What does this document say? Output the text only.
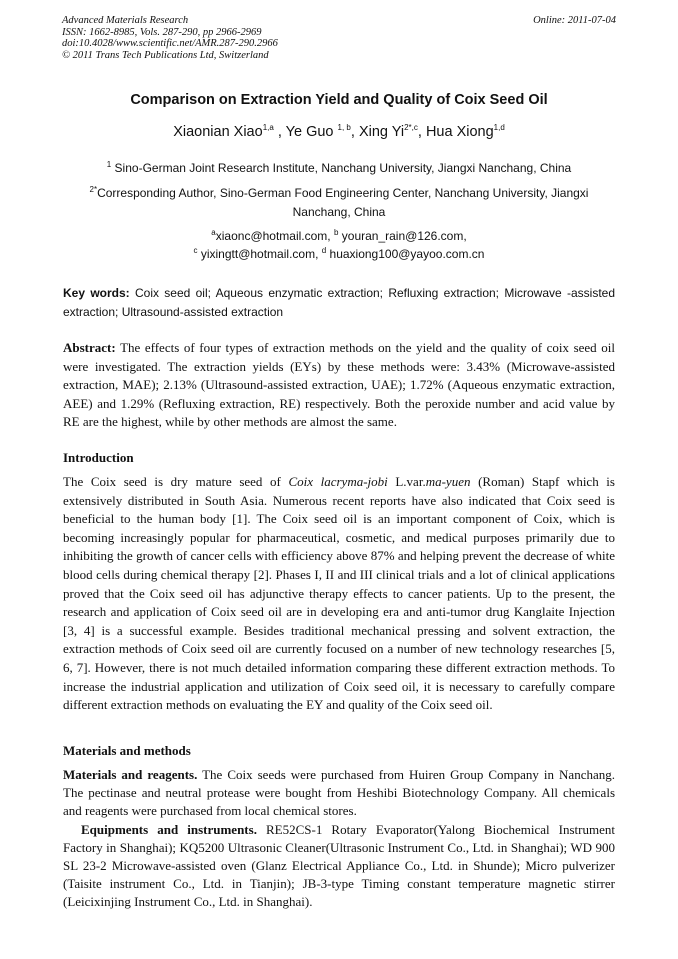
Advanced Materials Research
ISSN: 1662-8985, Vols. 287-290, pp 2966-2969
doi:10.4028/www.scientific.net/AMR.287-290.2966
© 2011 Trans Tech Publications Ltd, Switzerland
Online: 2011-07-04
Comparison on Extraction Yield and Quality of Coix Seed Oil
Xiaonian Xiao$^{1,a}$ , Ye Guo $^{1, b}$, Xing $Yi^{2*,c}$, Hua Xiong$^{1,d}$
$^1$ Sino-German Joint Research Institute, Nanchang University, Jiangxi Nanchang, China
$^{2*}$Corresponding Author, Sino-German Food Engineering Center, Nanchang University, Jiangxi Nanchang, China
$^a$xiaonc@hotmail.com, $^b$ youran_rain@126.com,
$^c$ yixingtt@hotmail.com, $^d$ huaxiong100@yayoo.com.cn
Key words: Coix seed oil; Aqueous enzymatic extraction; Refluxing extraction; Microwave -assisted extraction; Ultrasound-assisted extraction
Abstract: The effects of four types of extraction methods on the yield and the quality of coix seed oil were investigated. The extraction yields (EYs) by these methods were: 3.43% (Microwave-assisted extraction, MAE); 2.13% (Ultrasound-assisted extraction, UAE); 1.72% (Aqueous enzymatic extraction, AEE) and 1.29% (Refluxing extraction, RE) respectively. Both the peroxide number and acid value by RE are the highest, while by other methods are almost the same.
Introduction
The Coix seed is dry mature seed of Coix lacryma-jobi L.var.ma-yuen (Roman) Stapf which is extensively distributed in South Asia. Numerous recent reports have also indicated that Coix seed is beneficial to the human body [1]. The Coix seed oil is an important component of Coix, which is becoming increasingly popular for pharmaceutical, cosmetic, and medical purposes primarily due to inhibiting the growth of cancer cells with efficiency above 87% and helping prevent the decrease of white blood cells during chemical therapy [2]. Phases I, II and III clinical trials and a lot of clinical applications proved that the Coix seed oil has adjunctive therapy effects to cancer patients. Up to the present, the research and application of Coix seed oil are in developing era and anti-tumor drug Kanglaite Injection [3, 4] is a successful example. Besides traditional mechanical pressing and solvent extraction, the extraction methods of Coix seed oil are currently focused on a number of new technology researches [5, 6, 7]. However, there is not much detailed information comparing these different extraction methods. To increase the industrial application and utilization of Coix seed oil, it is necessary to carefully compare different extraction methods on evaluating the EY and quality of the Coix seed oil.
Materials and methods
Materials and reagents. The Coix seeds were purchased from Huiren Group Company in Nanchang. The pectinase and neutral protease were bought from Heshibi Biotechnology Company. All chemicals and reagents were purchased from local chemical stores.
Equipments and instruments. RE52CS-1 Rotary Evaporator(Yalong Biochemical Instrument Factory in Shanghai); KQ5200 Ultrasonic Cleaner(Ultrasonic Instrument Co., Ltd. in Shanghai); WD 900 SL 23-2 Microwave-assisted oven (Glanz Electrical Appliance Co., Ltd. in Shunde); Micro pulverizer (Taisite instrument Co., Ltd. in Tianjin); JB-3-type Timing constant temperature magnetic stirrer (Leicixinjing Instrument Co., Ltd. in Shanghai).
